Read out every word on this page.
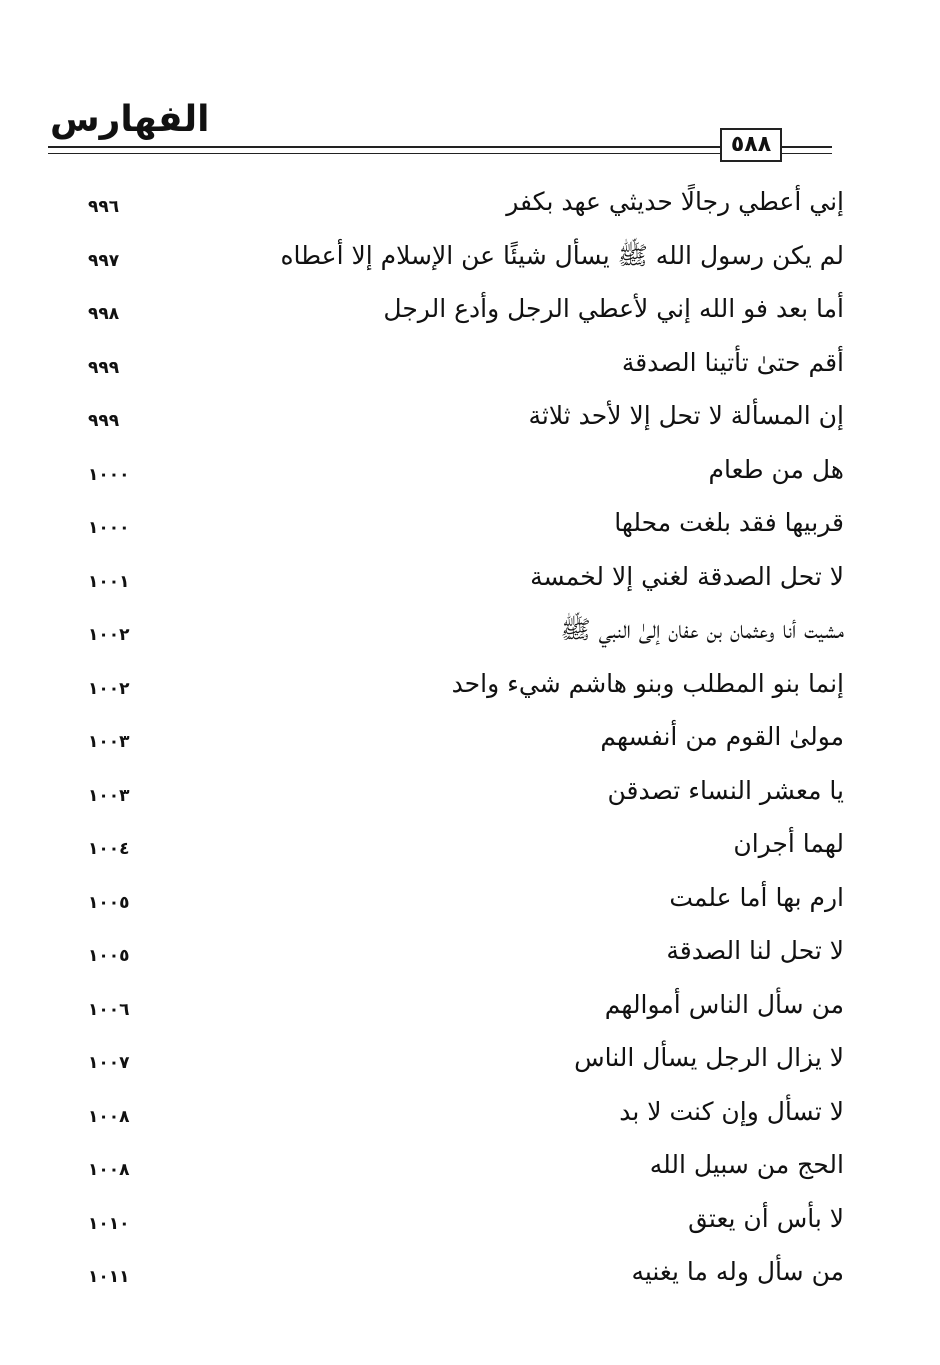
الفهارس
٥٨٨
إني أعطي رجالًا حديثي عهد بكفر
٩٩٦
لم يكن رسول الله ﷺ يسأل شيئًا عن الإسلام إلا أعطاه
٩٩٧
أما بعد فو الله إني لأعطي الرجل وأدع الرجل
٩٩٨
أقم حتىٰ تأتينا الصدقة
٩٩٩
إن المسألة لا تحل إلا لأحد ثلاثة
٩٩٩
هل من طعام
١٠٠٠
قربيها فقد بلغت محلها
١٠٠٠
لا تحل الصدقة لغني إلا لخمسة
١٠٠١
مشيت أنا وعثمان بن عفان إلىٰ النبي ﷺ
١٠٠٢
إنما بنو المطلب وبنو هاشم شيء واحد
١٠٠٢
مولىٰ القوم من أنفسهم
١٠٠٣
يا معشر النساء تصدقن
١٠٠٣
لهما أجران
١٠٠٤
ارم بها أما علمت
١٠٠٥
لا تحل لنا الصدقة
١٠٠٥
من سأل الناس أموالهم
١٠٠٦
لا يزال الرجل يسأل الناس
١٠٠٧
لا تسأل وإن كنت لا بد
١٠٠٨
الحج من سبيل الله
١٠٠٨
لا بأس أن يعتق
١٠١٠
من سأل وله ما يغنيه
١٠١١
